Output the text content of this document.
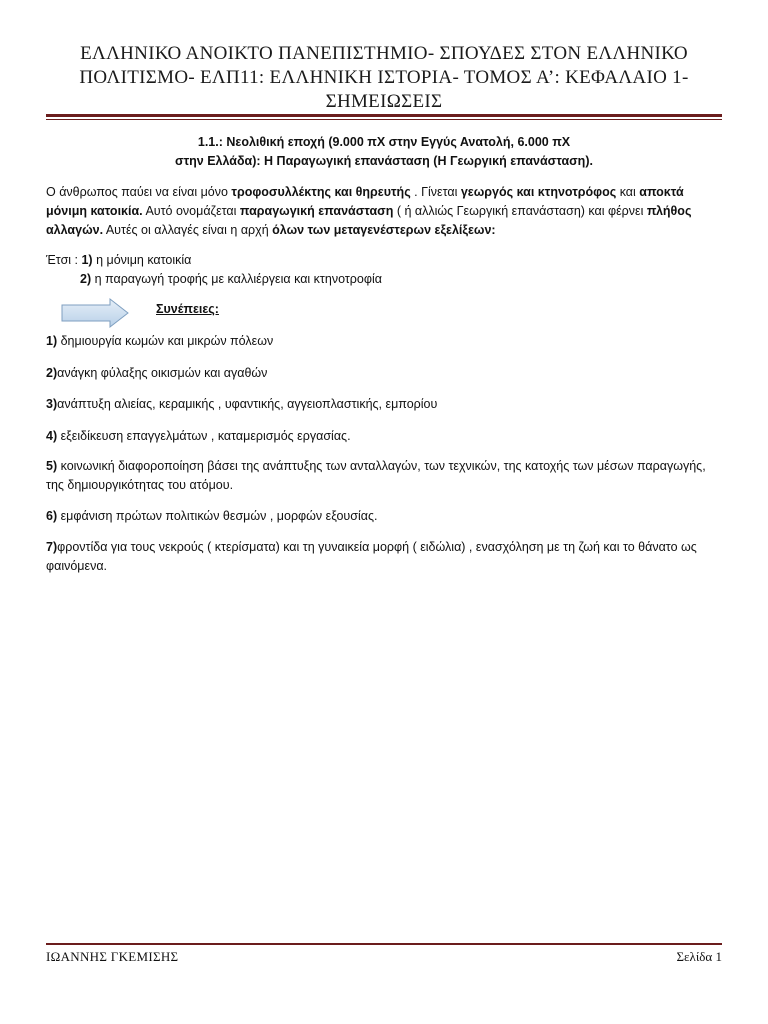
ΕΛΛΗΝΙΚΟ ΑΝΟΙΚΤΟ ΠΑΝΕΠΙΣΤΗΜΙΟ- ΣΠΟΥΔΕΣ ΣΤΟΝ ΕΛΛΗΝΙΚΟ
ΠΟΛΙΤΙΣΜΟ- ΕΛΠ11: ΕΛΛΗΝΙΚΗ ΙΣΤΟΡΙΑ- ΤΟΜΟΣ Α’: ΚΕΦΑΛΑΙΟ 1-
ΣΗΜΕΙΩΣΕΙΣ
1.1.: Νεολιθική εποχή (9.000 πΧ στην Εγγύς Ανατολή, 6.000 πΧ
στην Ελλάδα): Η Παραγωγική επανάσταση (Η Γεωργική επανάσταση).
Ο άνθρωπος παύει να είναι μόνο τροφοσυλλέκτης και θηρευτής . Γίνεται γεωργός και κτηνοτρόφος και αποκτά μόνιμη κατοικία. Αυτό ονομάζεται παραγωγική επανάσταση ( ή αλλιώς Γεωργική επανάσταση) και φέρνει πλήθος αλλαγών. Αυτές οι αλλαγές είναι η αρχή όλων των μεταγενέστερων εξελίξεων:
Έτσι : 1) η μόνιμη κατοικία
2) η παραγωγή τροφής με καλλιέργεια και κτηνοτροφία
Συνέπειες:
1) δημιουργία κωμών και μικρών πόλεων
2)ανάγκη φύλαξης οικισμών και αγαθών
3)ανάπτυξη αλιείας, κεραμικής , υφαντικής, αγγειοπλαστικής, εμπορίου
4) εξειδίκευση επαγγελμάτων , καταμερισμός εργασίας.
5) κοινωνική διαφοροποίηση βάσει της ανάπτυξης των ανταλλαγών, των τεχνικών, της κατοχής των μέσων παραγωγής, της δημιουργικότητας του ατόμου.
6) εμφάνιση πρώτων πολιτικών θεσμών , μορφών εξουσίας.
7)φροντίδα για τους νεκρούς ( κτερίσματα) και τη γυναικεία μορφή ( ειδώλια) , ενασχόληση με τη ζωή και το θάνατο ως φαινόμενα.
ΙΩΑΝΝΗΣ ΓΚΕΜΙΣΗΣ	Σελίδα 1
